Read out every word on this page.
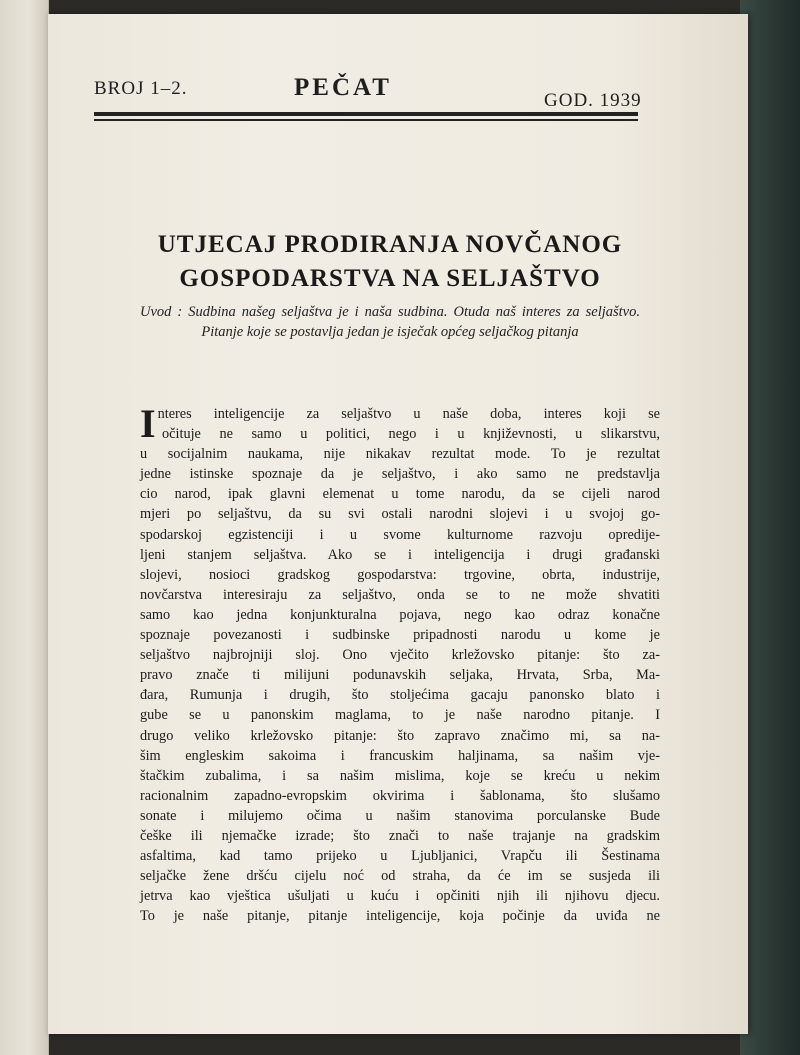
BROJ 1–2.	PEČAT	GOD. 1939
UTJECAJ PRODIRANJA NOVČANOG
GOSPODARSTVA NA SELJAŠTVO
Uvod : Sudbina našeg seljaštva je i naša sudbina. Otuda naš interes za seljaštvo. Pitanje koje se postavlja jedan je isječak općeg seljačkog pitanja
I nteres inteligencije za seljaštvo u naše doba, interes koji se
očituje ne samo u politici, nego i u književnosti, u slikarstvu,
u socijalnim naukama, nije nikakav rezultat mode. To je rezultat
jedne istinske spoznaje da je seljaštvo, i ako samo ne predstavlja
cio narod, ipak glavni elemenat u tome narodu, da se cijeli narod
mjeri po seljaštvu, da su svi ostali narodni slojevi i u svojoj go-
spodarskoj egzistenciji i u svome kulturnome razvoju opredije-
ljeni stanjem seljaštva. Ako se i inteligencija i drugi građanski
slojevi, nosioci gradskog gospodarstva: trgovine, obrta, industrije,
novčarstva interesiraju za seljaštvo, onda se to ne može shvatiti
samo kao jedna konjunkturalna pojava, nego kao odraz konačne
spoznaje povezanosti i sudbinske pripadnosti narodu u kome je
seljaštvo najbrojniji sloj. Ono vječito krležovsko pitanje: što za-
pravo znače ti milijuni podunavskih seljaka, Hrvata, Srba, Ma-
đara, Rumunja i drugih, što stoljećima gacaju panonsko blato i
gube se u panonskim maglama, to je naše narodno pitanje. I
drugo veliko krležovsko pitanje: što zapravo značimo mi, sa na-
šim engleskim sakoima i francuskim haljinama, sa našim vje-
štačkim zubalima, i sa našim mislima, koje se kreću u nekim
racionalnim zapadno-evropskim okvirima i šablonama, što slušamo
sonate i milujemo očima u našim stanovima porculanske Bude
češke ili njemačke izrade; što znači to naše trajanje na gradskim
asfaltima, kad tamo prijeko u Ljubljanici, Vrapču ili Šestinama
seljačke žene dršću cijelu noć od straha, da će im se susjeda ili
jetrva kao vještica ušuljati u kuću i opčiniti njih ili njihovu djecu.
To je naše pitanje, pitanje inteligencije, koja počinje da uviđa ne
